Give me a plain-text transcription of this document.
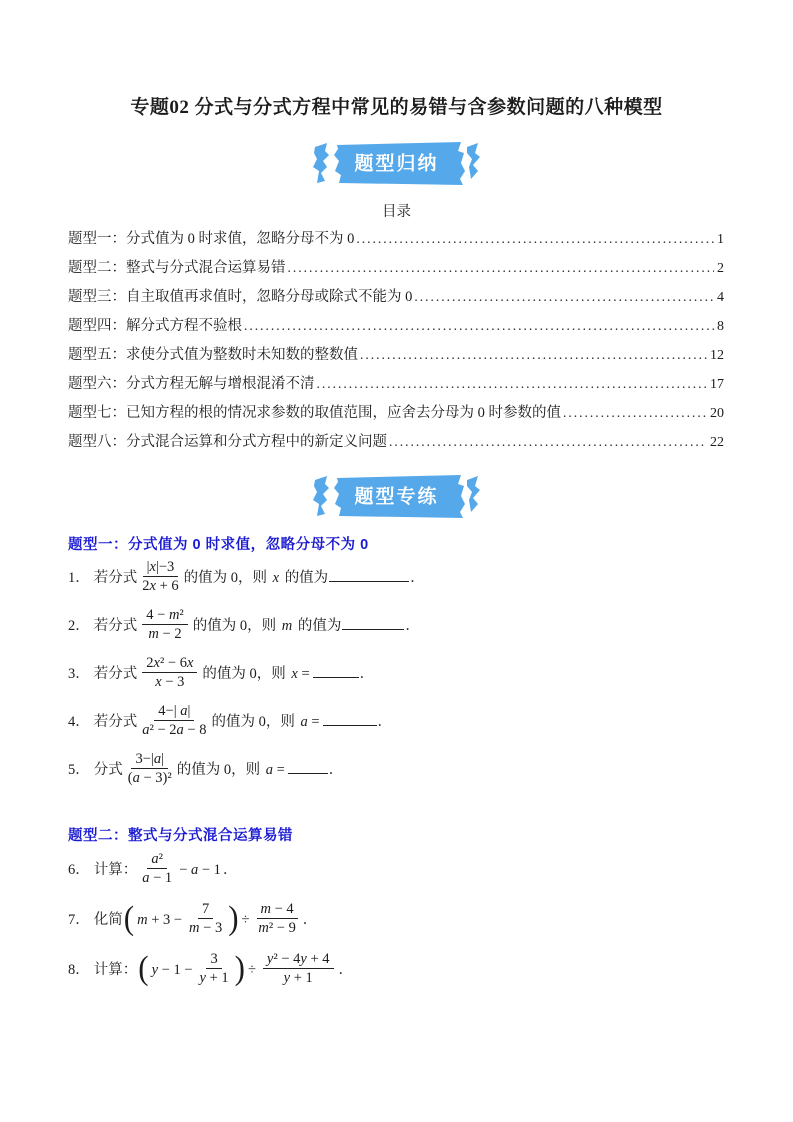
专题02 分式与分式方程中常见的易错与含参数问题的八种模型
题型归纳
目录
题型一：分式值为 0 时求值，忽略分母不为 0 .....	1
题型二：整式与分式混合运算易错 .....	2
题型三：自主取值再求值时，忽略分母或除式不能为 0 .....	4
题型四：解分式方程不验根 .....	8
题型五：求使分式值为整数时未知数的整数值 .....	12
题型六：分式方程无解与增根混淆不清 .....	17
题型七：已知方程的根的情况求参数的取值范围，应舍去分母为 0 时参数的值 .....	20
题型八：分式混合运算和分式方程中的新定义问题 .....	22
题型专练
题型一：分式值为 0 时求值，忽略分母不为 0
1． 若分式 $\frac{|x|-3}{2x + 6}$ 的值为 0，则 x 的值为	．
2． 若分式 $\frac{\text{4 − m²}}{m - 2}$ 的值为 0，则 m 的值为	．
3． 若分式 $\frac{\text{2x² − 6x}}{x - 3}$ 的值为 0，则 x =	．
4． 若分式 $\frac{4-| a|}{\text{a² − 2a − 8}}$ 的值为 0，则 a =	．
5． 分式 $\frac{3-|a|}{\text{(a − 3)²}}$ 的值为 0，则 a =	．
题型二：整式与分式混合运算易错
6． 计算： $\frac{\text{a²}}{a - 1} - a - 1$ ．
7． 化简( $m + 3 - \frac{7}{m - 3}$ ) ÷ $\frac{m - 4}{\text{m² − 9}}$ ．
8． 计算：( $y - 1 - \frac{3}{y + 1}$ ) ÷ $\frac{\text{y² − 4y + 4}}{y + 1}$ ．
